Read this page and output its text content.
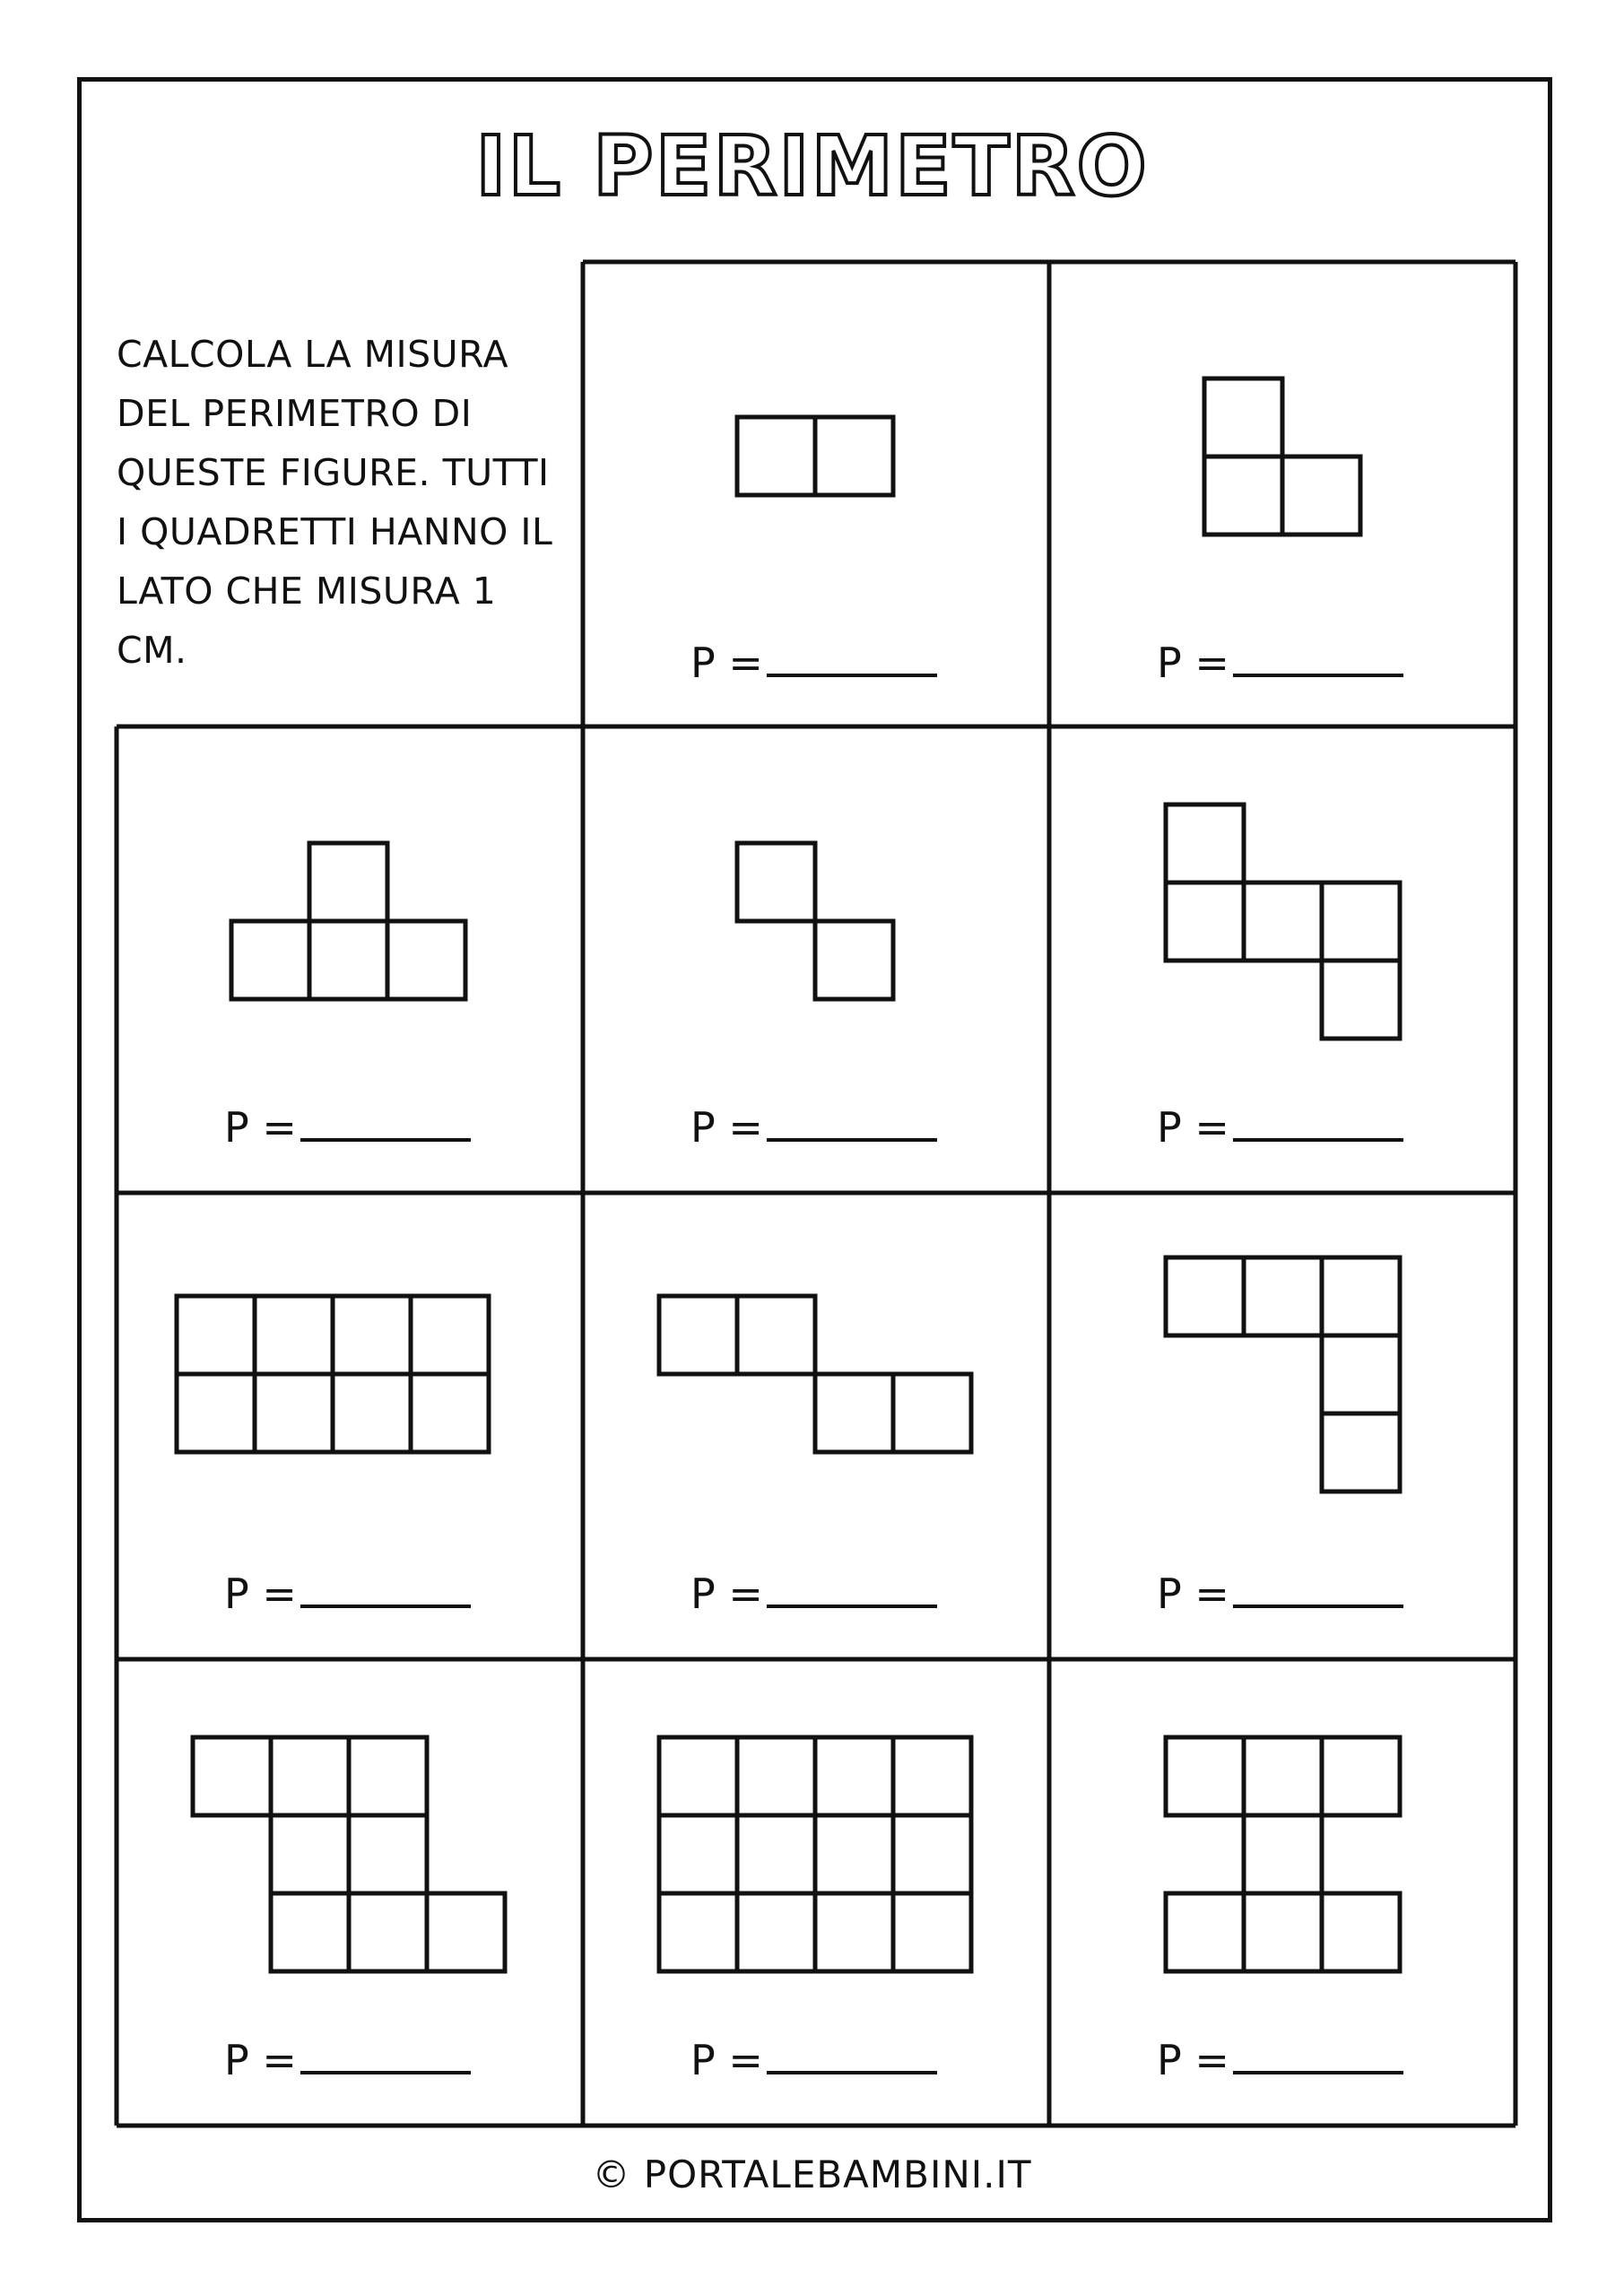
IL PERIMETRO
CALCOLA LA MISURA DEL PERIMETRO DI QUESTE FIGURE. TUTTI I QUADRETTI HANNO IL LATO CHE MISURA 1 CM.	P =	P =
P =	P =	P =
P =	P =	P =
P =	P =	P =
© PORTALEBAMBINI.IT
